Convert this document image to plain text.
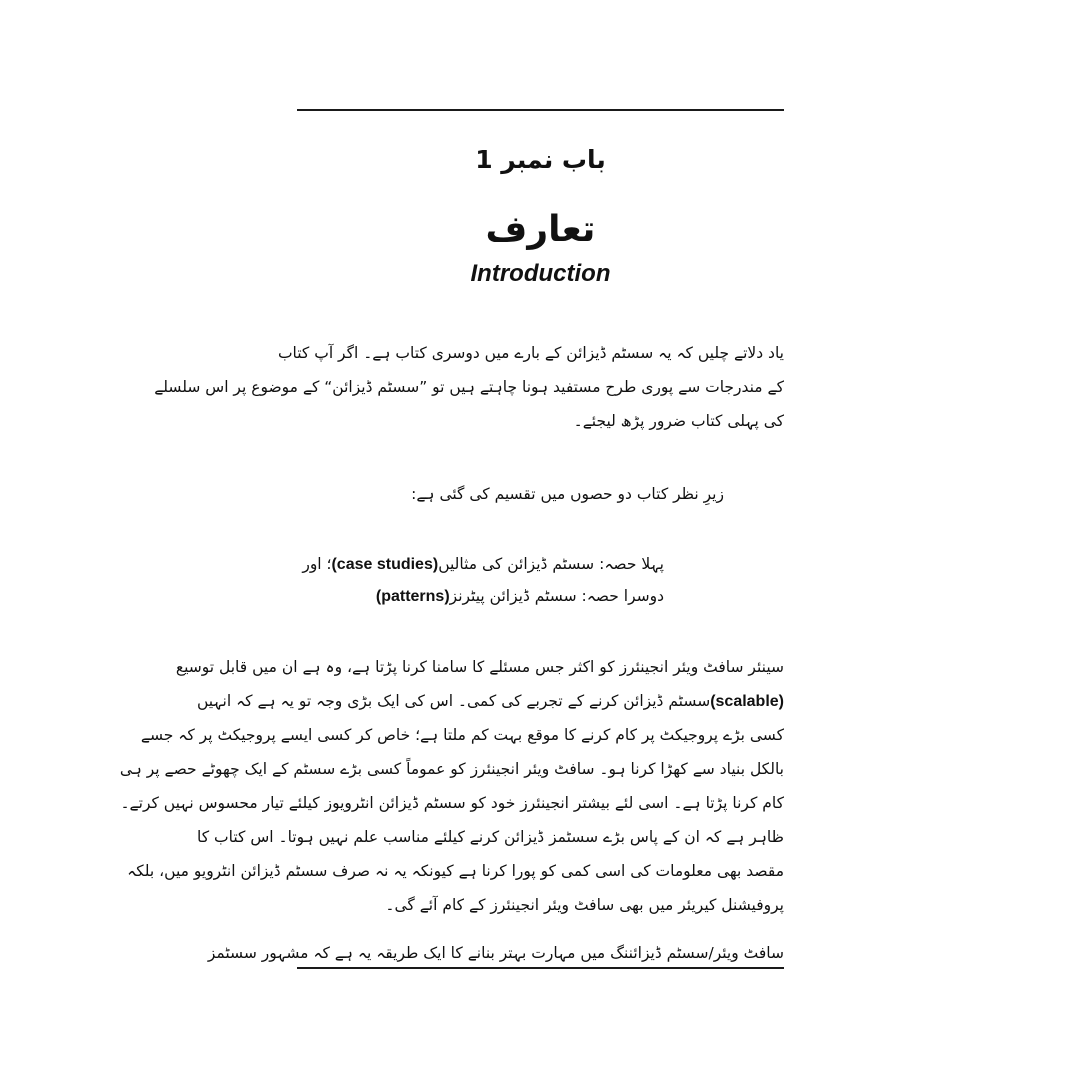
باب نمبر 1
تعارف
Introduction
یاد دلاتے چلیں کہ یہ سسٹم ڈیزائن کے بارے میں دوسری کتاب ہے۔ اگر آپ کتاب
کے مندرجات سے پوری طرح مستفید ہونا چاہتے ہیں تو ”سسٹم ڈیزائن“ کے موضوع پر اس سلسلے
کی پہلی کتاب ضرور پڑھ لیجئے۔
زیرِ نظر کتاب دو حصوں میں تقسیم کی گئی ہے:
پہلا حصہ: سسٹم ڈیزائن کی مثالیں(case studies)؛ اور
دوسرا حصہ: سسٹم ڈیزائن پیٹرنز(patterns)
سینئر سافٹ ویئر انجینئرز کو اکثر جس مسئلے کا سامنا کرنا پڑتا ہے، وہ ہے ان میں قابل توسیع
(scalable)سسٹم ڈیزائن کرنے کے تجربے کی کمی۔ اس کی ایک بڑی وجہ تو یہ ہے کہ انہیں
کسی بڑے پروجیکٹ پر کام کرنے کا موقع بہت کم ملتا ہے؛ خاص کر کسی ایسے پروجیکٹ پر کہ جسے
بالکل بنیاد سے کھڑا کرنا ہو۔ سافٹ ویئر انجینئرز کو عموماً کسی بڑے سسٹم کے ایک چھوٹے حصے پر ہی
کام کرنا پڑتا ہے۔ اسی لئے بیشتر انجینئرز خود کو سسٹم ڈیزائن انٹرویوز کیلئے تیار محسوس نہیں کرتے۔
ظاہر ہے کہ ان کے پاس بڑے سسٹمز ڈیزائن کرنے کیلئے مناسب علم نہیں ہوتا۔ اس کتاب کا
مقصد بھی معلومات کی اسی کمی کو پورا کرنا ہے کیونکہ یہ نہ صرف سسٹم ڈیزائن انٹرویو میں، بلکہ
پروفیشنل کیریئر میں بھی سافٹ ویئر انجینئرز کے کام آئے گی۔
سافٹ ویئر/سسٹم ڈیزائننگ میں مہارت بہتر بنانے کا ایک طریقہ یہ ہے کہ مشہور سسٹمز
